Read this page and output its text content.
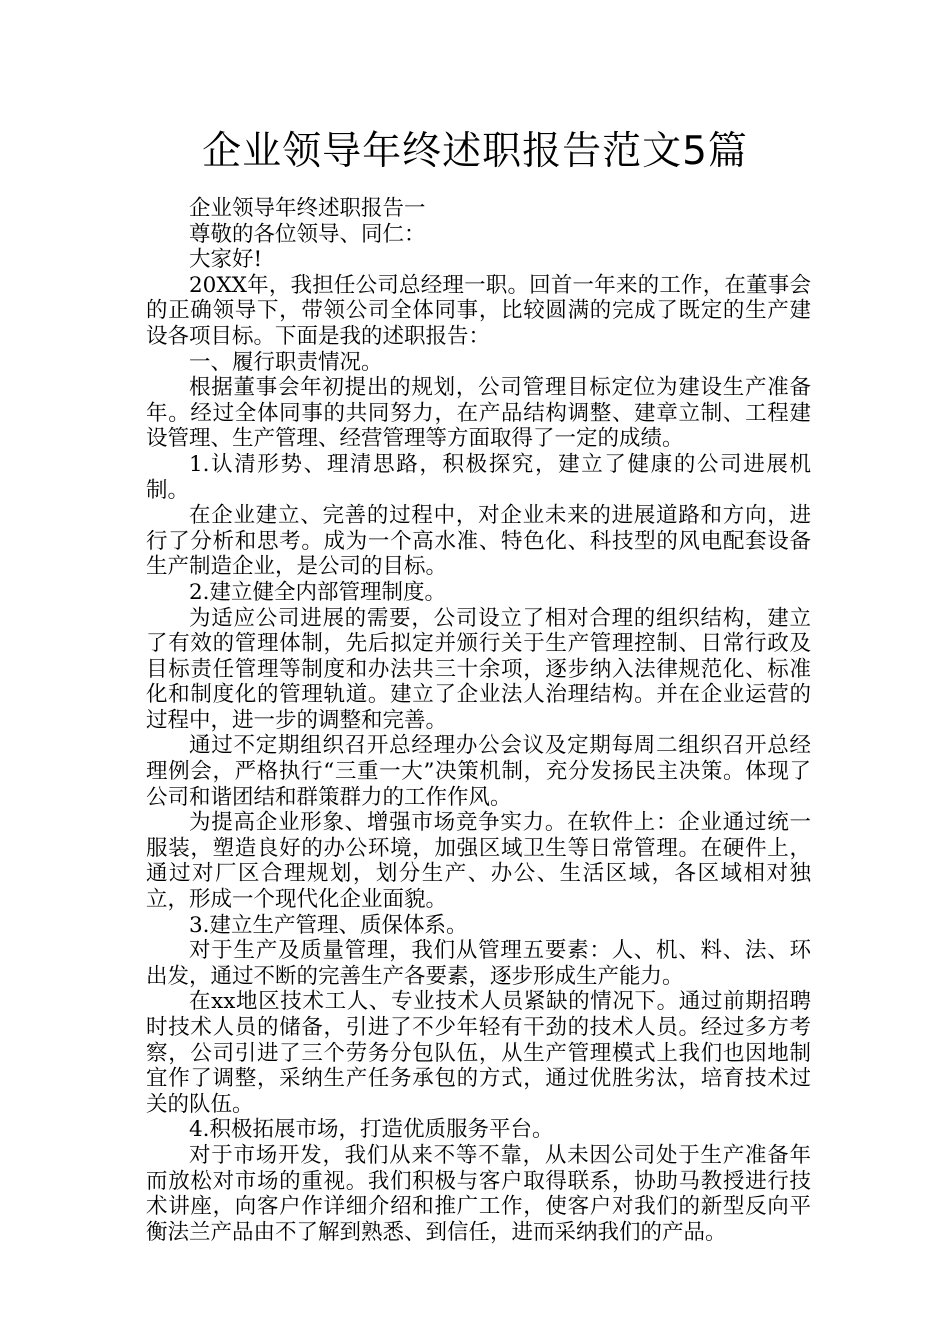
企业领导年终述职报告范文5篇

企业领导年终述职报告一

尊敬的各位领导、同仁：

大家好!

20XX年，我担任公司总经理一职。回首一年来的工作，在董事会的正确领导下，带领公司全体同事，比较圆满的完成了既定的生产建设各项目标。下面是我的述职报告：

一、履行职责情况。

根据董事会年初提出的规划，公司管理目标定位为建设生产准备年。经过全体同事的共同努力，在产品结构调整、建章立制、工程建设管理、生产管理、经营管理等方面取得了一定的成绩。

1.认清形势、理清思路，积极探究，建立了健康的公司进展机制。

在企业建立、完善的过程中，对企业未来的进展道路和方向，进行了分析和思考。成为一个高水准、特色化、科技型的风电配套设备生产制造企业，是公司的目标。

2.建立健全内部管理制度。

为适应公司进展的需要，公司设立了相对合理的组织结构，建立了有效的管理体制，先后拟定并颁行关于生产管理控制、日常行政及目标责任管理等制度和办法共三十余项，逐步纳入法律规范化、标准化和制度化的管理轨道。建立了企业法人治理结构。并在企业运营的过程中，进一步的调整和完善。

通过不定期组织召开总经理办公会议及定期每周二组织召开总经理例会，严格执行“三重一大”决策机制，充分发扬民主决策。体现了公司和谐团结和群策群力的工作作风。

为提高企业形象、增强市场竞争实力。在软件上：企业通过统一服装，塑造良好的办公环境，加强区域卫生等日常管理。在硬件上，通过对厂区合理规划，划分生产、办公、生活区域，各区域相对独立，形成一个现代化企业面貌。

3.建立生产管理、质保体系。

对于生产及质量管理，我们从管理五要素：人、机、料、法、环出发，通过不断的完善生产各要素，逐步形成生产能力。

在xx地区技术工人、专业技术人员紧缺的情况下。通过前期招聘时技术人员的储备，引进了不少年轻有干劲的技术人员。经过多方考察，公司引进了三个劳务分包队伍，从生产管理模式上我们也因地制宜作了调整，采纳生产任务承包的方式，通过优胜劣汰，培育技术过关的队伍。

4.积极拓展市场，打造优质服务平台。

对于市场开发，我们从来不等不靠，从未因公司处于生产准备年而放松对市场的重视。我们积极与客户取得联系，协助马教授进行技术讲座，向客户作详细介绍和推广工作，使客户对我们的新型反向平衡法兰产品由不了解到熟悉、到信任，进而采纳我们的产品。
